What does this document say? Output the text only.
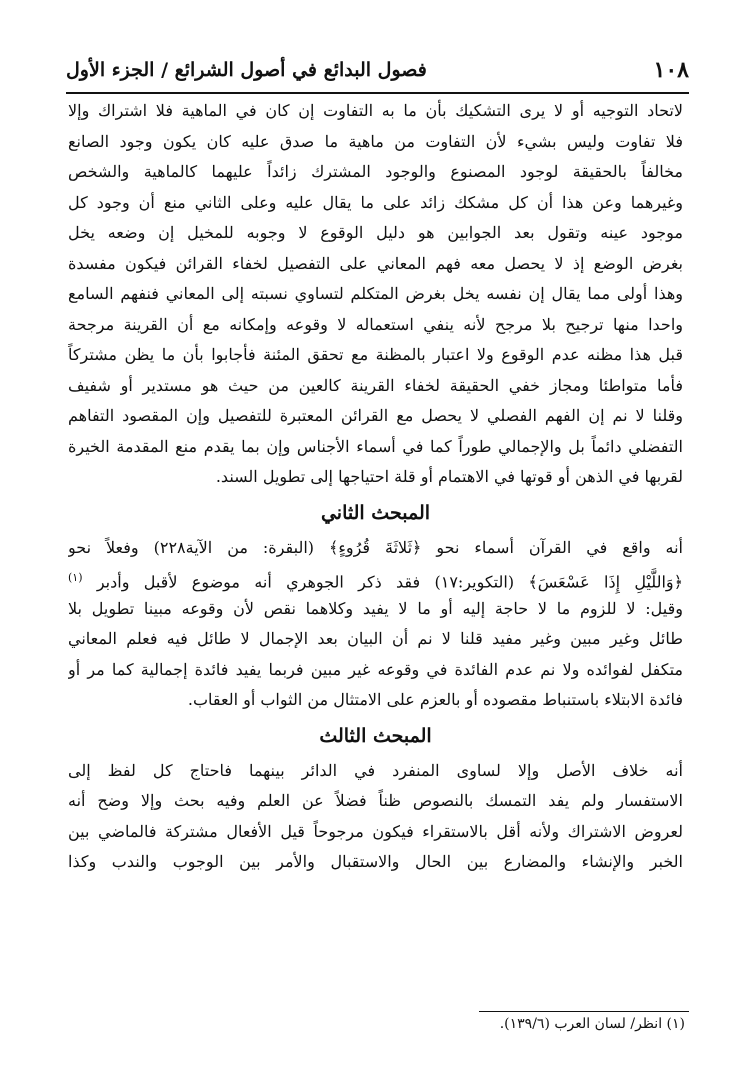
فصول البدائع في أصول الشرائع / الجزء الأول	١٠٨
لاتحاد التوجيه أو لا يرى التشكيك بأن ما به التفاوت إن كان في الماهية فلا اشتراك وإلا
فلا تفاوت وليس بشيء لأن التفاوت من ماهية ما صدق عليه كان يكون وجود الصانع
مخالفاً بالحقيقة لوجود المصنوع والوجود المشترك زائداً عليهما كالماهية والشخص
وغيرهما وعن هذا أن كل مشكك زائد على ما يقال عليه وعلى الثاني منع أن وجود كل
موجود عينه وتقول بعد الجوابين هو دليل الوقوع لا وجوبه للمخيل إن وضعه يخل
بغرض الوضع إذ لا يحصل معه فهم المعاني على التفصيل لخفاء القرائن فيكون مفسدة
وهذا أولى مما يقال إن نفسه يخل بغرض المتكلم لتساوي نسبته إلى المعاني فنفهم السامع
واحدا منها ترجيح بلا مرجح لأنه ينفي استعماله لا وقوعه وإمكانه مع أن القرينة مرجحة
قبل هذا مظنه عدم الوقوع ولا اعتبار بالمظنة مع تحقق المئنة فأجابوا بأن ما يظن مشتركاً
فأما متواطئا ومجاز خفي الحقيقة لخفاء القرينة كالعين من حيث هو مستدير أو شفيف
وقلنا لا نم إن الفهم الفصلي لا يحصل مع القرائن المعتبرة للتفصيل وإن المقصود التفاهم
التفضلي دائماً بل والإجمالي طوراً كما في أسماء الأجناس وإن بما يقدم منع المقدمة الخيرة
لقربها في الذهن أو قوتها في الاهتمام أو قلة احتياجها إلى تطويل السند.
المبحث الثاني
أنه واقع في القرآن أسماء نحو ﴿ثَلاثَةَ قُرُوءٍ﴾ (البقرة: من الآية٢٢٨) وفعلاً نحو
﴿وَاللَّيْلِ إِذَا عَسْعَسَ﴾ (التكوير:١٧) فقد ذكر الجوهري أنه موضوع لأقبل وأدبر $^{(١)}$
وقيل: لا للزوم ما لا حاجة إليه أو ما لا يفيد وكلاهما نقص لأن وقوعه مبينا تطويل بلا
طائل وغير مبين وغير مفيد قلنا لا نم أن البيان بعد الإجمال لا طائل فيه فعلم المعاني
متكفل لفوائده ولا نم عدم الفائدة في وقوعه غير مبين فربما يفيد فائدة إجمالية كما مر أو
فائدة الابتلاء باستنباط مقصوده أو بالعزم على الامتثال من الثواب أو العقاب.
المبحث الثالث
أنه خلاف الأصل وإلا لساوى المنفرد في الدائر بينهما فاحتاج كل لفظ إلى
الاستفسار ولم يفد التمسك بالنصوص ظناً فضلاً عن العلم وفيه بحث وإلا وضح أنه
لعروض الاشتراك ولأنه أقل بالاستقراء فيكون مرجوحاً قيل الأفعال مشتركة فالماضي بين
الخبر والإنشاء والمضارع بين الحال والاستقبال والأمر بين الوجوب والندب وكذا
(١) انظر/ لسان العرب (١٣٩/٦).
